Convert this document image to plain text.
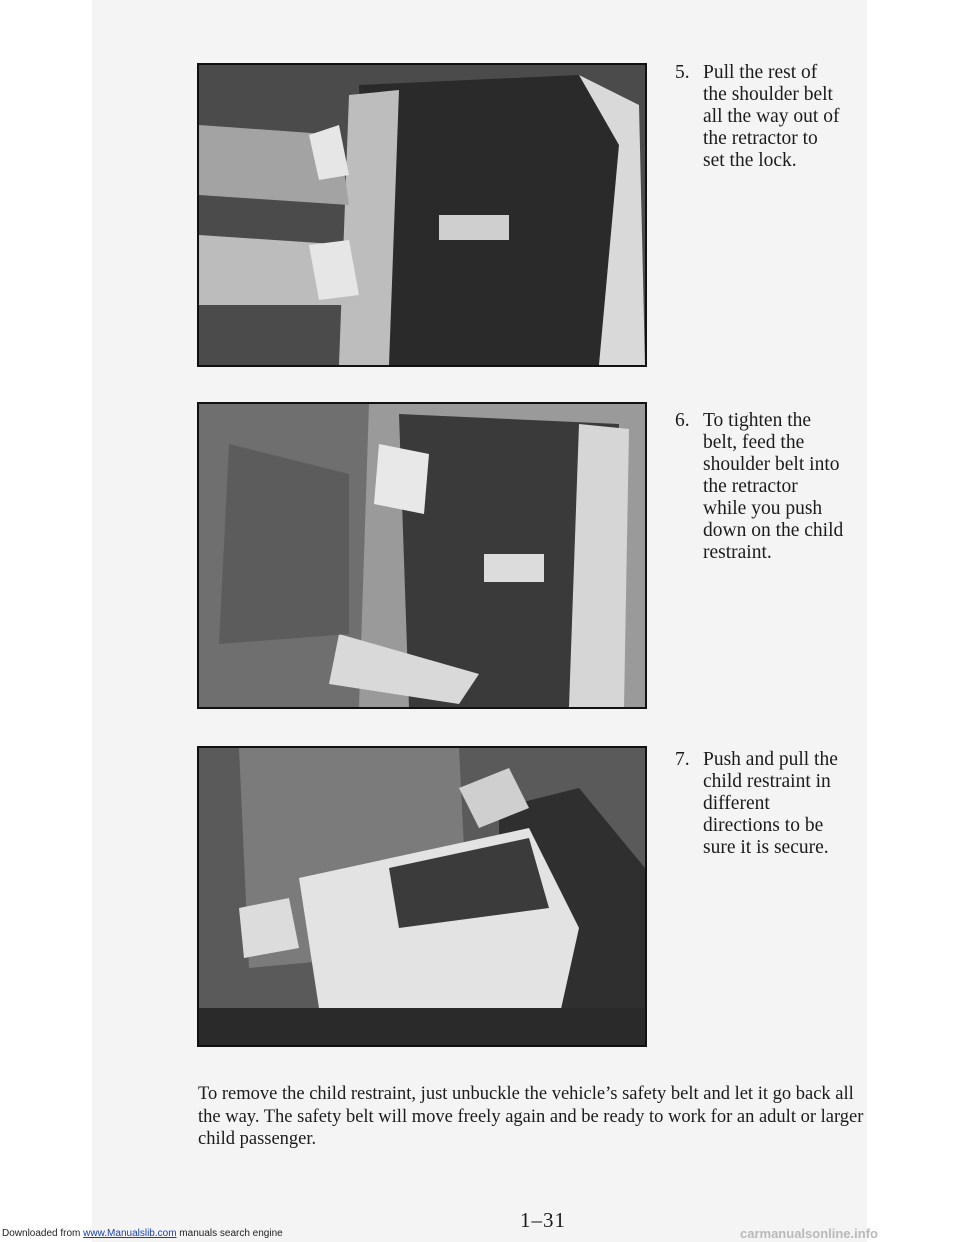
5. Pull the rest of
the shoulder belt
all the way out of
the retractor to
set the lock.
6. To tighten the
belt, feed the
shoulder belt into
the retractor
while you push
down on the child
restraint.
7. Push and pull the
child restraint in
different
directions to be
sure it is secure.

To remove the child restraint, just unbuckle the vehicle’s safety belt and let it go back all the way. The safety belt will move freely again and be ready to work for an adult or larger child passenger.

1–31
Downloaded from www.Manualslib.com manuals search engine	carmanualsonline.info
